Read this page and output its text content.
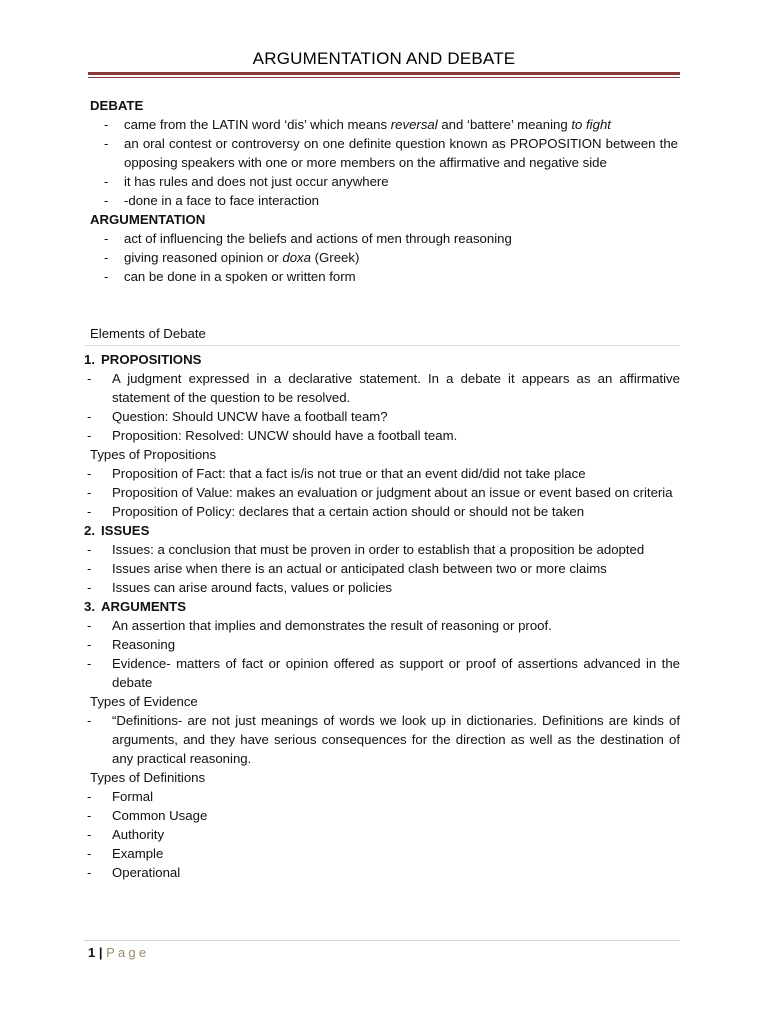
ARGUMENTATION AND DEBATE

DEBATE

- came from the LATIN word ‘dis’ which means reversal and ‘battere’ meaning to fight
- an oral contest or controversy on one definite question known as PROPOSITION between the opposing speakers with one or more members on the affirmative and negative side
- it has rules and does not just occur anywhere
- -done in a face to face interaction

ARGUMENTATION

- act of influencing the beliefs and actions of men through reasoning
- giving reasoned opinion or doxa (Greek)
- can be done in a spoken or written form
Elements of Debate
1. PROPOSITIONS
- A judgment expressed in a declarative statement. In a debate it appears as an affirmative statement of the question to be resolved.
- Question: Should UNCW have a football team?
- Proposition: Resolved: UNCW should have a football team.
Types of Propositions
- Proposition of Fact: that a fact is/is not true or that an event did/did not take place
- Proposition of Value: makes an evaluation or judgment about an issue or event based on criteria
- Proposition of Policy: declares that a certain action should or should not be taken
2. ISSUES
- Issues: a conclusion that must be proven in order to establish that a proposition be adopted
- Issues arise when there is an actual or anticipated clash between two or more claims
- Issues can arise around facts, values or policies
3. ARGUMENTS
- An assertion that implies and demonstrates the result of reasoning or proof.
- Reasoning
- Evidence- matters of fact or opinion offered as support or proof of assertions advanced in the debate
Types of Evidence
- “Definitions- are not just meanings of words we look up in dictionaries. Definitions are kinds of arguments, and they have serious consequences for the direction as well as the destination of any practical reasoning.
Types of Definitions
- Formal
- Common Usage
- Authority
- Example
- Operational
1 | Page
